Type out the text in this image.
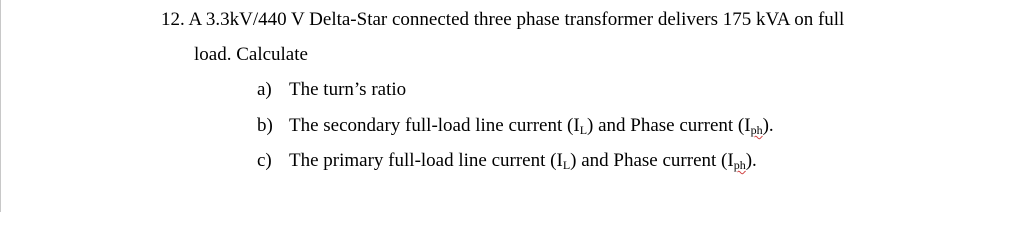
12. A 3.3kV/440 V Delta-Star connected three phase transformer delivers 175 kVA on full
load. Calculate
a) The turn’s ratio
b) The secondary full-load line current $(I_L)$ and Phase current $(I_{ph})$.
c) The primary full-load line current $(I_L)$ and Phase current $(I_{ph})$.
